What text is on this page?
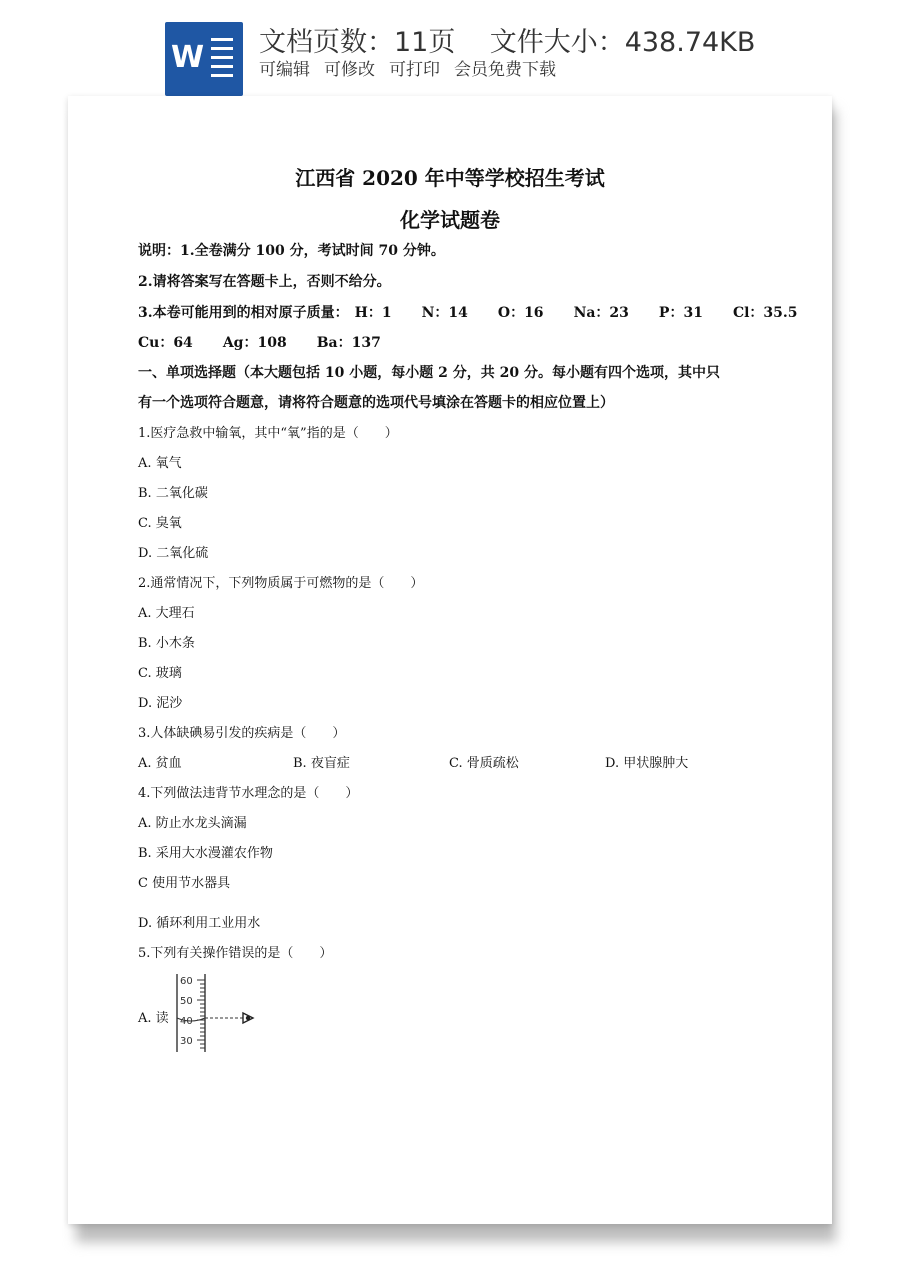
W 文档页数：11页 文件大小：438.74KB
可编辑 可修改 可打印 会员免费下载
江西省 2020 年中等学校招生考试
化学试题卷
说明：1.全卷满分 100 分，考试时间 70 分钟。
2.请将答案写在答题卡上，否则不给分。
3.本卷可能用到的相对原子质量： H：1 N：14 O：16 Na：23 P：31 Cl：35.5
Cu：64 Ag：108 Ba：137
一、单项选择题（本大题包括 10 小题，每小题 2 分，共 20 分。每小题有四个选项，其中只
有一个选项符合题意，请将符合题意的选项代号填涂在答题卡的相应位置上）
1.医疗急救中输氧，其中“氧”指的是（　　）
A. 氧气
B. 二氧化碳
C. 臭氧
D. 二氧化硫
2.通常情况下，下列物质属于可燃物的是（　　）
A. 大理石
B. 小木条
C. 玻璃
D. 泥沙
3.人体缺碘易引发的疾病是（　　）
A. 贫血	B. 夜盲症	C. 骨质疏松	D. 甲状腺肿大
4.下列做法违背节水理念的是（　　）
A. 防止水龙头滴漏
B. 采用大水漫灌农作物
C 使用节水器具
D. 循环利用工业用水
5.下列有关操作错误的是（　　）
A. 读
60
50
40
30
